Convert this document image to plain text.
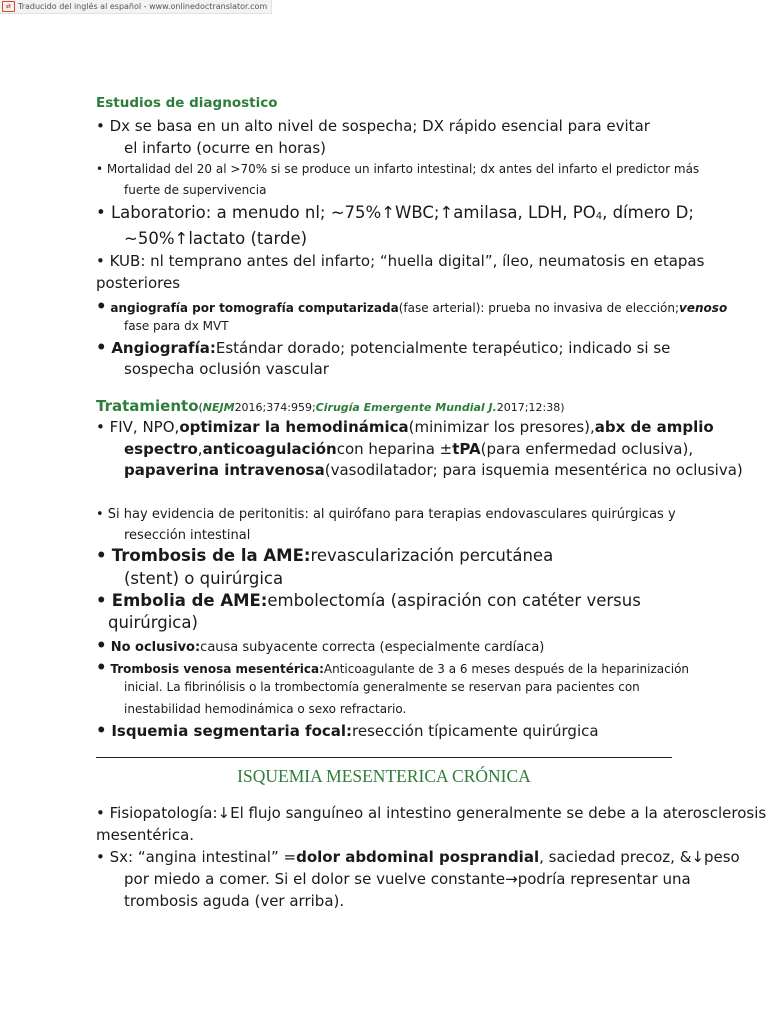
⇄ Traducido del inglés al español - www.onlinedoctranslator.com
Estudios de diagnostico
• Dx se basa en un alto nivel de sospecha; DX rápido esencial para evitar
el infarto (ocurre en horas)
• Mortalidad del 20 al >70% si se produce un infarto intestinal; dx antes del infarto el predictor más
fuerte de supervivencia
• Laboratorio: a menudo nl; ~75%↑WBC;↑amilasa, LDH, $PO_4$, dímero D;
~50%↑lactato (tarde)
• KUB: nl temprano antes del infarto; “huella digital”, íleo, neumatosis en etapas
posteriores
• angiografía por tomografía computarizada(fase arterial): prueba no invasiva de elección;venoso
fase para dx MVT
• Angiografía:Estándar dorado; potencialmente terapéutico; indicado si se
sospecha oclusión vascular
Tratamiento(NEJM2016;374:959;Cirugía Emergente Mundial J.2017;12:38)
• FIV, NPO,optimizar la hemodinámica(minimizar los presores),abx de amplio
espectro,anticoagulacióncon heparina ±tPA(para enfermedad oclusiva),
papaverina intravenosa(vasodilatador; para isquemia mesentérica no oclusiva)
• Si hay evidencia de peritonitis: al quirófano para terapias endovasculares quirúrgicas y
resección intestinal
• Trombosis de la AME:revascularización percutánea
(stent) o quirúrgica
• Embolia de AME:embolectomía (aspiración con catéter versus
quirúrgica)
• No oclusivo:causa subyacente correcta (especialmente cardíaca)
• Trombosis venosa mesentérica:Anticoagulante de 3 a 6 meses después de la heparinización
inicial. La fibrinólisis o la trombectomía generalmente se reservan para pacientes con
inestabilidad hemodinámica o sexo refractario.
• Isquemia segmentaria focal:resección típicamente quirúrgica
ISQUEMIA MESENTERICA CRÓNICA
• Fisiopatología:↓El flujo sanguíneo al intestino generalmente se debe a la aterosclerosis
mesentérica.
• Sx: “angina intestinal” =dolor abdominal posprandial, saciedad precoz, &↓peso
por miedo a comer. Si el dolor se vuelve constante→podría representar una
trombosis aguda (ver arriba).
